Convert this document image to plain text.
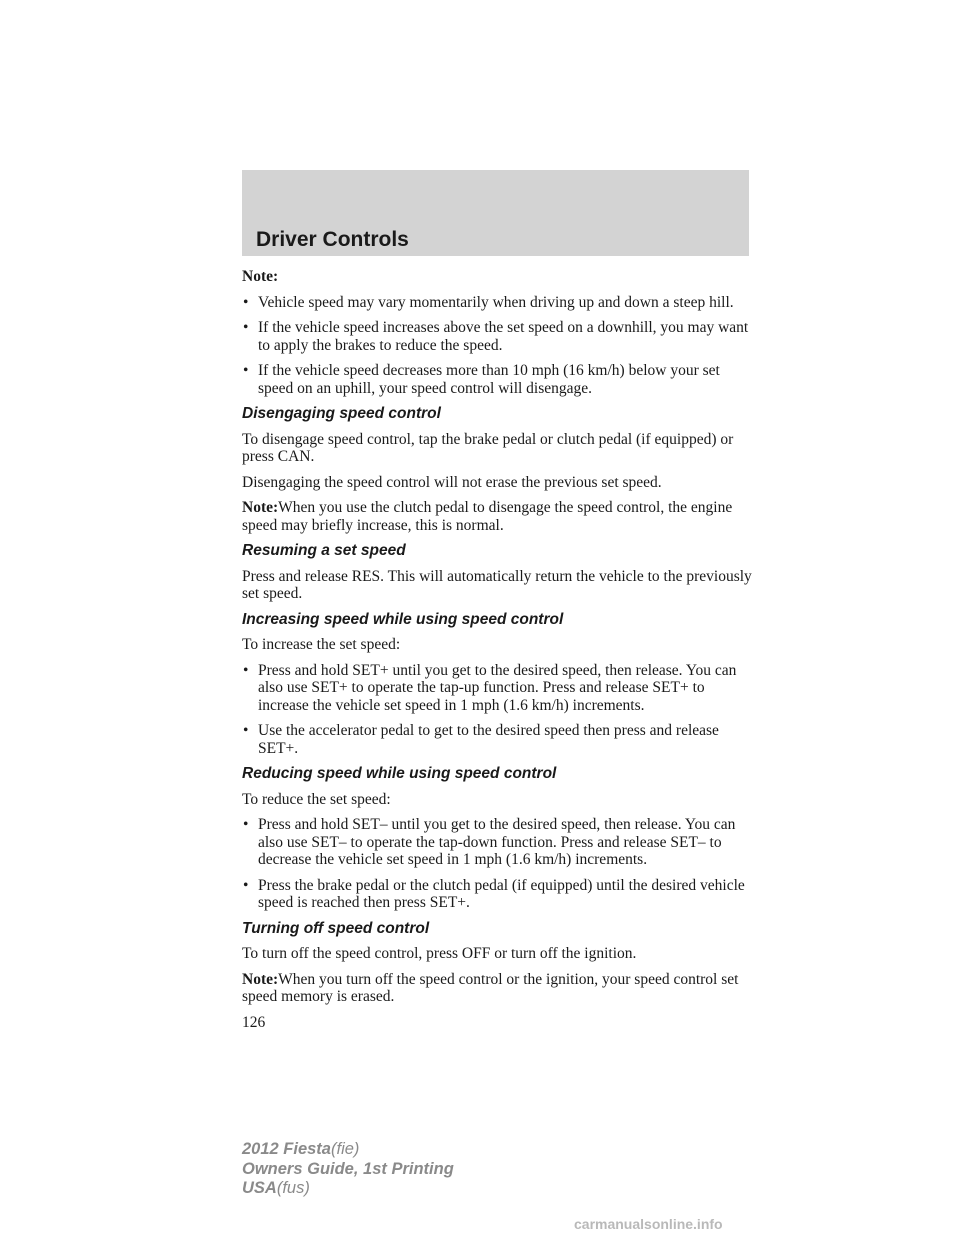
Driver Controls

Note:

• Vehicle speed may vary momentarily when driving up and down a steep hill.
• If the vehicle speed increases above the set speed on a downhill, you may want to apply the brakes to reduce the speed.
• If the vehicle speed decreases more than 10 mph (16 km/h) below your set speed on an uphill, your speed control will disengage.
Disengaging speed control

To disengage speed control, tap the brake pedal or clutch pedal (if equipped) or press CAN.

Disengaging the speed control will not erase the previous set speed.

Note:When you use the clutch pedal to disengage the speed control, the engine speed may briefly increase, this is normal.

Resuming a set speed

Press and release RES. This will automatically return the vehicle to the previously set speed.

Increasing speed while using speed control

To increase the set speed:

• Press and hold SET+ until you get to the desired speed, then release. You can also use SET+ to operate the tap-up function. Press and release SET+ to increase the vehicle set speed in 1 mph (1.6 km/h) increments.
• Use the accelerator pedal to get to the desired speed then press and release SET+.
Reducing speed while using speed control

To reduce the set speed:

• Press and hold SET– until you get to the desired speed, then release. You can also use SET– to operate the tap-down function. Press and release SET– to decrease the vehicle set speed in 1 mph (1.6 km/h) increments.
• Press the brake pedal or the clutch pedal (if equipped) until the desired vehicle speed is reached then press SET+.
Turning off speed control

To turn off the speed control, press OFF or turn off the ignition.

Note:When you turn off the speed control or the ignition, your speed control set speed memory is erased.

126

2012 Fiesta(fie)
Owners Guide, 1st Printing
USA(fus)
carmanualsonline.info
